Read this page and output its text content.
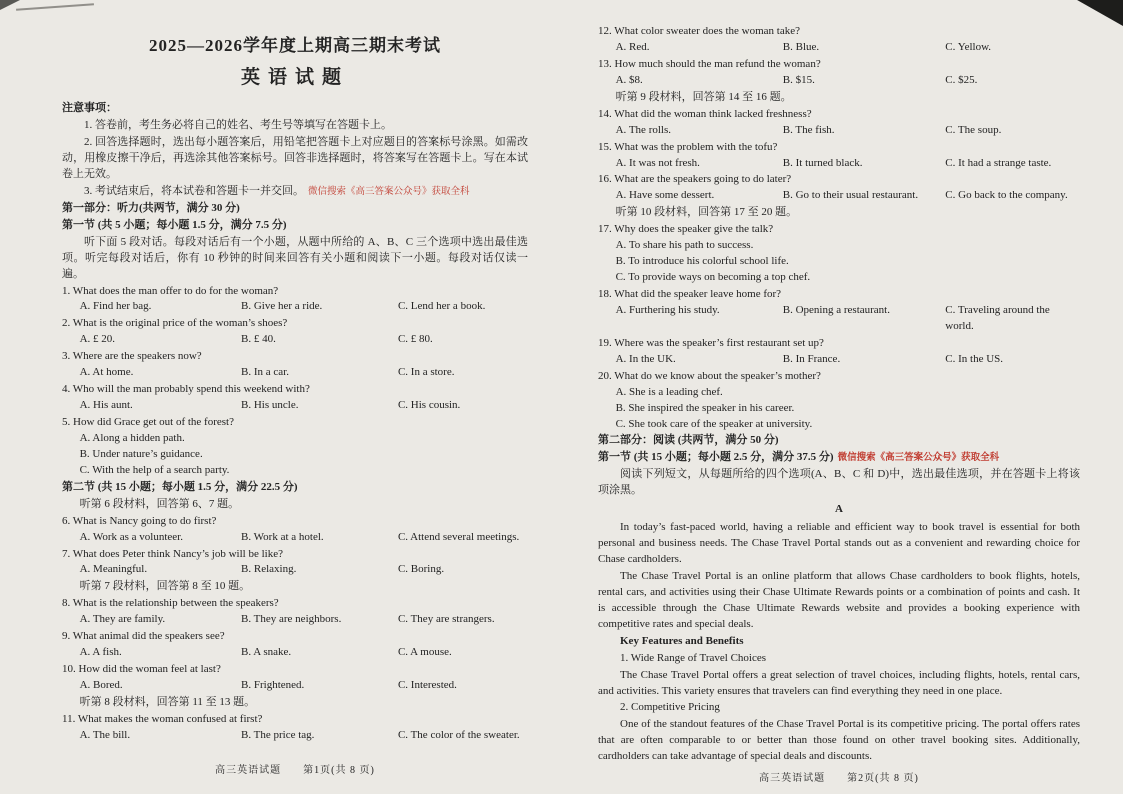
2025—2026学年度上期高三期末考试
英语试题
注意事项：
1. 答卷前，考生务必将自己的姓名、考生号等填写在答题卡上。
2. 回答选择题时，选出每小题答案后，用铅笔把答题卡上对应题目的答案标号涂黑。如需改动，用橡皮擦干净后，再选涂其他答案标号。回答非选择题时，将答案写在答题卡上。写在本试卷上无效。
3. 考试结束后，将本试卷和答题卡一并交回。 微信搜索《高三答案公众号》获取全科
第一部分：听力(共两节，满分 30 分)
第一节 (共 5 小题；每小题 1.5 分，满分 7.5 分)
听下面 5 段对话。每段对话后有一个小题，从题中所给的 A、B、C 三个选项中选出最佳选项。听完每段对话后，你有 10 秒钟的时间来回答有关小题和阅读下一小题。每段对话仅读一遍。
1. What does the man offer to do for the woman?
A. Find her bag.	B. Give her a ride.	C. Lend her a book.
2. What is the original price of the woman’s shoes?
A. £ 20.	B. £ 40.	C. £ 80.
3. Where are the speakers now?
A. At home.	B. In a car.	C. In a store.
4. Who will the man probably spend this weekend with?
A. His aunt.	B. His uncle.	C. His cousin.
5. How did Grace get out of the forest?
A. Along a hidden path.
B. Under nature’s guidance.
C. With the help of a search party.
第二节 (共 15 小题；每小题 1.5 分，满分 22.5 分)
听第 6 段材料，回答第 6、7 题。
6. What is Nancy going to do first?
A. Work as a volunteer.	B. Work at a hotel.	C. Attend several meetings.
7. What does Peter think Nancy’s job will be like?
A. Meaningful.	B. Relaxing.	C. Boring.
听第 7 段材料，回答第 8 至 10 题。
8. What is the relationship between the speakers?
A. They are family.	B. They are neighbors.	C. They are strangers.
9. What animal did the speakers see?
A. A fish.	B. A snake.	C. A mouse.
10. How did the woman feel at last?
A. Bored.	B. Frightened.	C. Interested.
听第 8 段材料，回答第 11 至 13 题。
11. What makes the woman confused at first?
A. The bill.	B. The price tag.	C. The color of the sweater.
高三英语试题　　第1页(共 8 页)
12. What color sweater does the woman take?
A. Red.	B. Blue.	C. Yellow.
13. How much should the man refund the woman?
A. $8.	B. $15.	C. $25.
听第 9 段材料，回答第 14 至 16 题。
14. What did the woman think lacked freshness?
A. The rolls.	B. The fish.	C. The soup.
15. What was the problem with the tofu?
A. It was not fresh.	B. It turned black.	C. It had a strange taste.
16. What are the speakers going to do later?
A. Have some dessert.	B. Go to their usual restaurant.	C. Go back to the company.
听第 10 段材料，回答第 17 至 20 题。
17. Why does the speaker give the talk?
A. To share his path to success.
B. To introduce his colorful school life.
C. To provide ways on becoming a top chef.
18. What did the speaker leave home for?
A. Furthering his study.	B. Opening a restaurant.	C. Traveling around the world.
19. Where was the speaker’s first restaurant set up?
A. In the UK.	B. In France.	C. In the US.
20. What do we know about the speaker’s mother?
A. She is a leading chef.
B. She inspired the speaker in his career.
C. She took care of the speaker at university.
第二部分：阅读 (共两节，满分 50 分)
第一节 (共 15 小题；每小题 2.5 分，满分 37.5 分) 微信搜索《高三答案公众号》获取全科
阅读下列短文，从每题所给的四个选项(A、B、C 和 D)中，选出最佳选项，并在答题卡上将该项涂黑。
A
In today’s fast-paced world, having a reliable and efficient way to book travel is essential for both personal and business needs. The Chase Travel Portal stands out as a convenient and rewarding choice for Chase cardholders.
The Chase Travel Portal is an online platform that allows Chase cardholders to book flights, hotels, rental cars, and activities using their Chase Ultimate Rewards points or a combination of points and cash. It is accessible through the Chase Ultimate Rewards website and provides a booking experience with competitive rates and special deals.
Key Features and Benefits
1. Wide Range of Travel Choices
The Chase Travel Portal offers a great selection of travel choices, including flights, hotels, rental cars, and activities. This variety ensures that travelers can find everything they need in one place.
2. Competitive Pricing
One of the standout features of the Chase Travel Portal is its competitive pricing. The portal offers rates that are often comparable to or better than those found on other travel booking sites. Additionally, cardholders can take advantage of special deals and discounts.
高三英语试题　　第2页(共 8 页)
